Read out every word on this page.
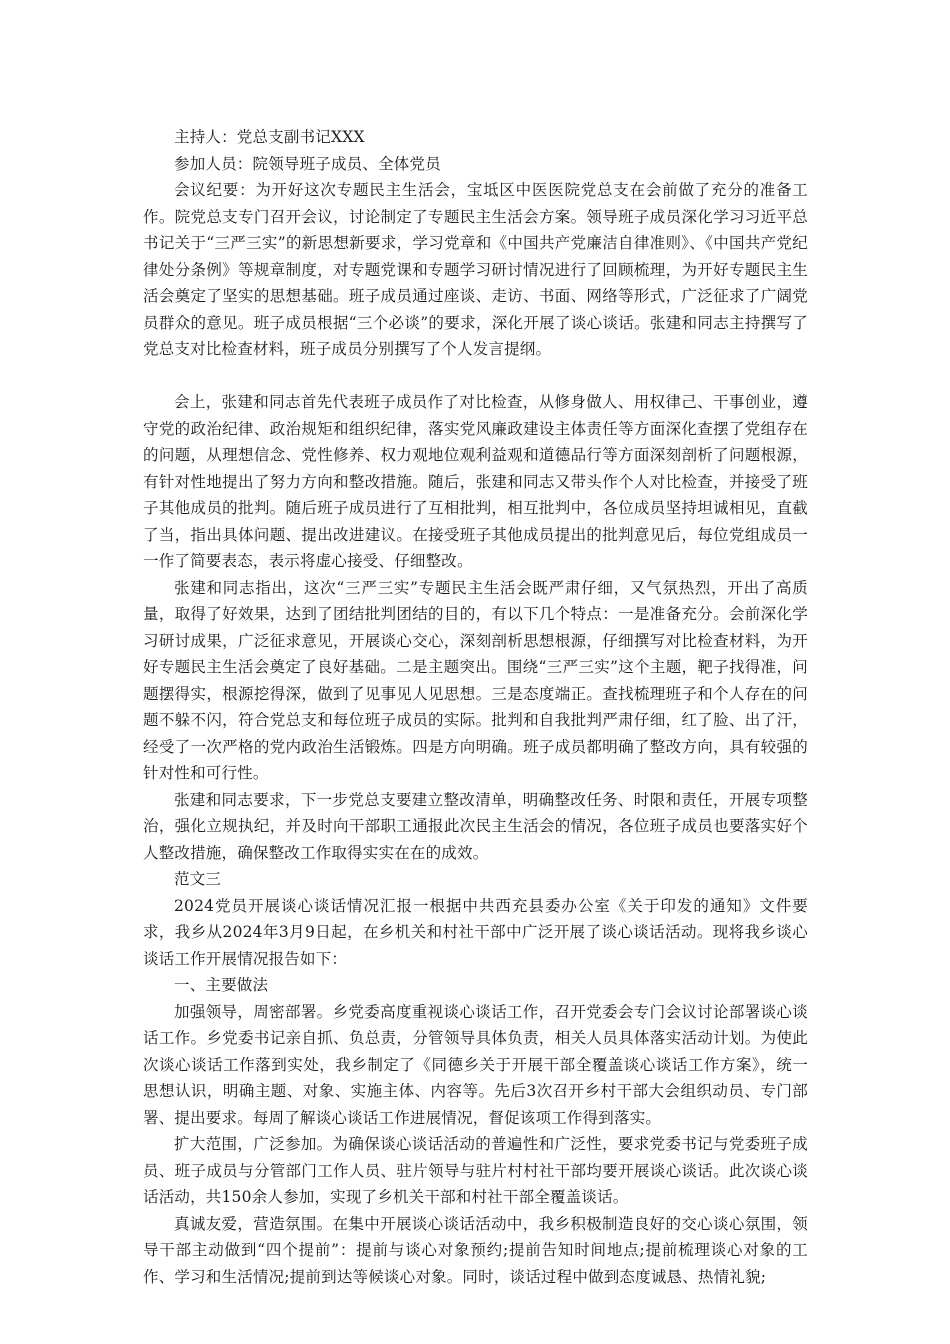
主持人：党总支副书记XXX

参加人员：院领导班子成员、全体党员

会议纪要：为开好这次专题民主生活会，宝坻区中医医院党总支在会前做了充分的准备工作。院党总支专门召开会议，讨论制定了专题民主生活会方案。领导班子成员深化学习习近平总书记关于“三严三实”的新思想新要求，学习党章和《中国共产党廉洁自律准则》、《中国共产党纪律处分条例》等规章制度，对专题党课和专题学习研讨情况进行了回顾梳理，为开好专题民主生活会奠定了坚实的思想基础。班子成员通过座谈、走访、书面、网络等形式，广泛征求了广阔党员群众的意见。班子成员根据“三个必谈”的要求，深化开展了谈心谈话。张建和同志主持撰写了党总支对比检查材料，班子成员分别撰写了个人发言提纲。

会上，张建和同志首先代表班子成员作了对比检查，从修身做人、用权律己、干事创业，遵守党的政治纪律、政治规矩和组织纪律，落实党风廉政建设主体责任等方面深化查摆了党组存在的问题，从理想信念、党性修养、权力观地位观利益观和道德品行等方面深刻剖析了问题根源，有针对性地提出了努力方向和整改措施。随后，张建和同志又带头作个人对比检查，并接受了班子其他成员的批判。随后班子成员进行了互相批判，相互批判中，各位成员坚持坦诚相见，直截了当，指出具体问题、提出改进建议。在接受班子其他成员提出的批判意见后，每位党组成员一一作了简要表态，表示将虚心接受、仔细整改。

张建和同志指出，这次“三严三实”专题民主生活会既严肃仔细，又气氛热烈，开出了高质量，取得了好效果，达到了团结批判团结的目的，有以下几个特点：一是准备充分。会前深化学习研讨成果，广泛征求意见，开展谈心交心，深刻剖析思想根源，仔细撰写对比检查材料，为开好专题民主生活会奠定了良好基础。二是主题突出。围绕“三严三实”这个主题，靶子找得准，问题摆得实，根源挖得深，做到了见事见人见思想。三是态度端正。查找梳理班子和个人存在的问题不躲不闪，符合党总支和每位班子成员的实际。批判和自我批判严肃仔细，红了脸、出了汗，经受了一次严格的党内政治生活锻炼。四是方向明确。班子成员都明确了整改方向，具有较强的针对性和可行性。

张建和同志要求，下一步党总支要建立整改清单，明确整改任务、时限和责任，开展专项整治，强化立规执纪，并及时向干部职工通报此次民主生活会的情况，各位班子成员也要落实好个人整改措施，确保整改工作取得实实在在的成效。

范文三

2024党员开展谈心谈话情况汇报一根据中共西充县委办公室《关于印发的通知》文件要求，我乡从2024年3月9日起，在乡机关和村社干部中广泛开展了谈心谈话活动。现将我乡谈心谈话工作开展情况报告如下：

一、主要做法

加强领导，周密部署。乡党委高度重视谈心谈话工作，召开党委会专门会议讨论部署谈心谈话工作。乡党委书记亲自抓、负总责，分管领导具体负责，相关人员具体落实活动计划。为使此次谈心谈话工作落到实处，我乡制定了《同德乡关于开展干部全覆盖谈心谈话工作方案》，统一思想认识，明确主题、对象、实施主体、内容等。先后3次召开乡村干部大会组织动员、专门部署、提出要求。每周了解谈心谈话工作进展情况，督促该项工作得到落实。

扩大范围，广泛参加。为确保谈心谈话活动的普遍性和广泛性，要求党委书记与党委班子成员、班子成员与分管部门工作人员、驻片领导与驻片村村社干部均要开展谈心谈话。此次谈心谈话活动，共150余人参加，实现了乡机关干部和村社干部全覆盖谈话。

真诚友爱，营造氛围。在集中开展谈心谈话活动中，我乡积极制造良好的交心谈心氛围，领导干部主动做到“四个提前”：提前与谈心对象预约;提前告知时间地点;提前梳理谈心对象的工作、学习和生活情况;提前到达等候谈心对象。同时，谈话过程中做到态度诚恳、热情礼貌;
